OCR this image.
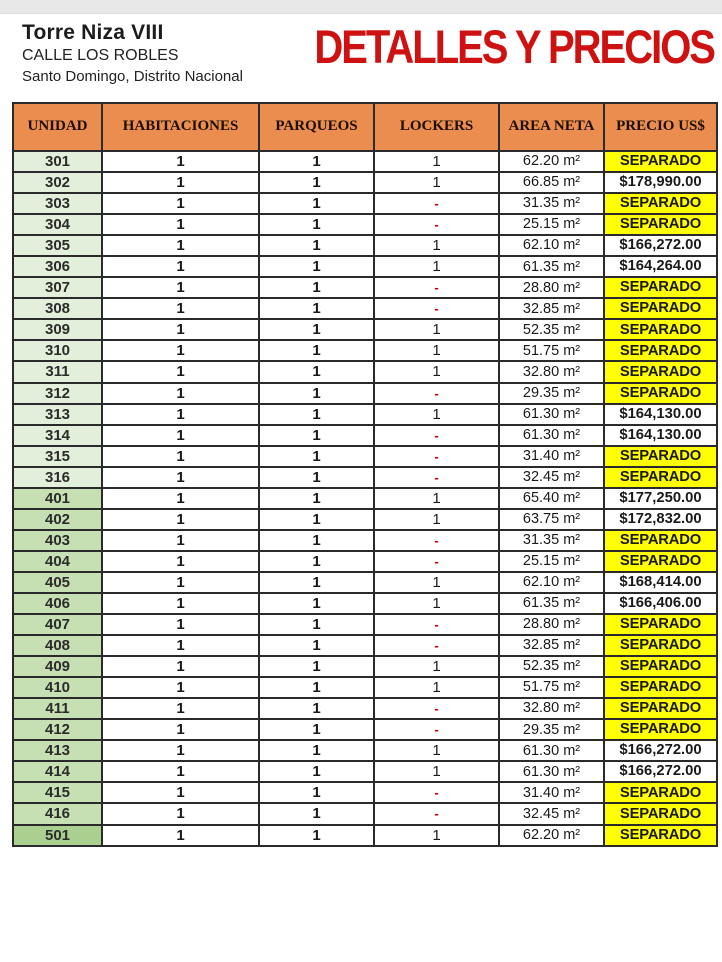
Torre Niza VIII
CALLE LOS ROBLES
Santo Domingo, Distrito Nacional
DETALLES Y PRECIOS
UNIDAD	HABITACIONES	PARQUEOS	LOCKERS	AREA NETA	PRECIO US$
301	1	1	1	62.20 m²	SEPARADO
302	1	1	1	66.85 m²	$178,990.00
303	1	1	-	31.35 m²	SEPARADO
304	1	1	-	25.15 m²	SEPARADO
305	1	1	1	62.10 m²	$166,272.00
306	1	1	1	61.35 m²	$164,264.00
307	1	1	-	28.80 m²	SEPARADO
308	1	1	-	32.85 m²	SEPARADO
309	1	1	1	52.35 m²	SEPARADO
310	1	1	1	51.75 m²	SEPARADO
311	1	1	1	32.80 m²	SEPARADO
312	1	1	-	29.35 m²	SEPARADO
313	1	1	1	61.30 m²	$164,130.00
314	1	1	-	61.30 m²	$164,130.00
315	1	1	-	31.40 m²	SEPARADO
316	1	1	-	32.45 m²	SEPARADO
401	1	1	1	65.40 m²	$177,250.00
402	1	1	1	63.75 m²	$172,832.00
403	1	1	-	31.35 m²	SEPARADO
404	1	1	-	25.15 m²	SEPARADO
405	1	1	1	62.10 m²	$168,414.00
406	1	1	1	61.35 m²	$166,406.00
407	1	1	-	28.80 m²	SEPARADO
408	1	1	-	32.85 m²	SEPARADO
409	1	1	1	52.35 m²	SEPARADO
410	1	1	1	51.75 m²	SEPARADO
411	1	1	-	32.80 m²	SEPARADO
412	1	1	-	29.35 m²	SEPARADO
413	1	1	1	61.30 m²	$166,272.00
414	1	1	1	61.30 m²	$166,272.00
415	1	1	-	31.40 m²	SEPARADO
416	1	1	-	32.45 m²	SEPARADO
501	1	1	1	62.20 m²	SEPARADO
